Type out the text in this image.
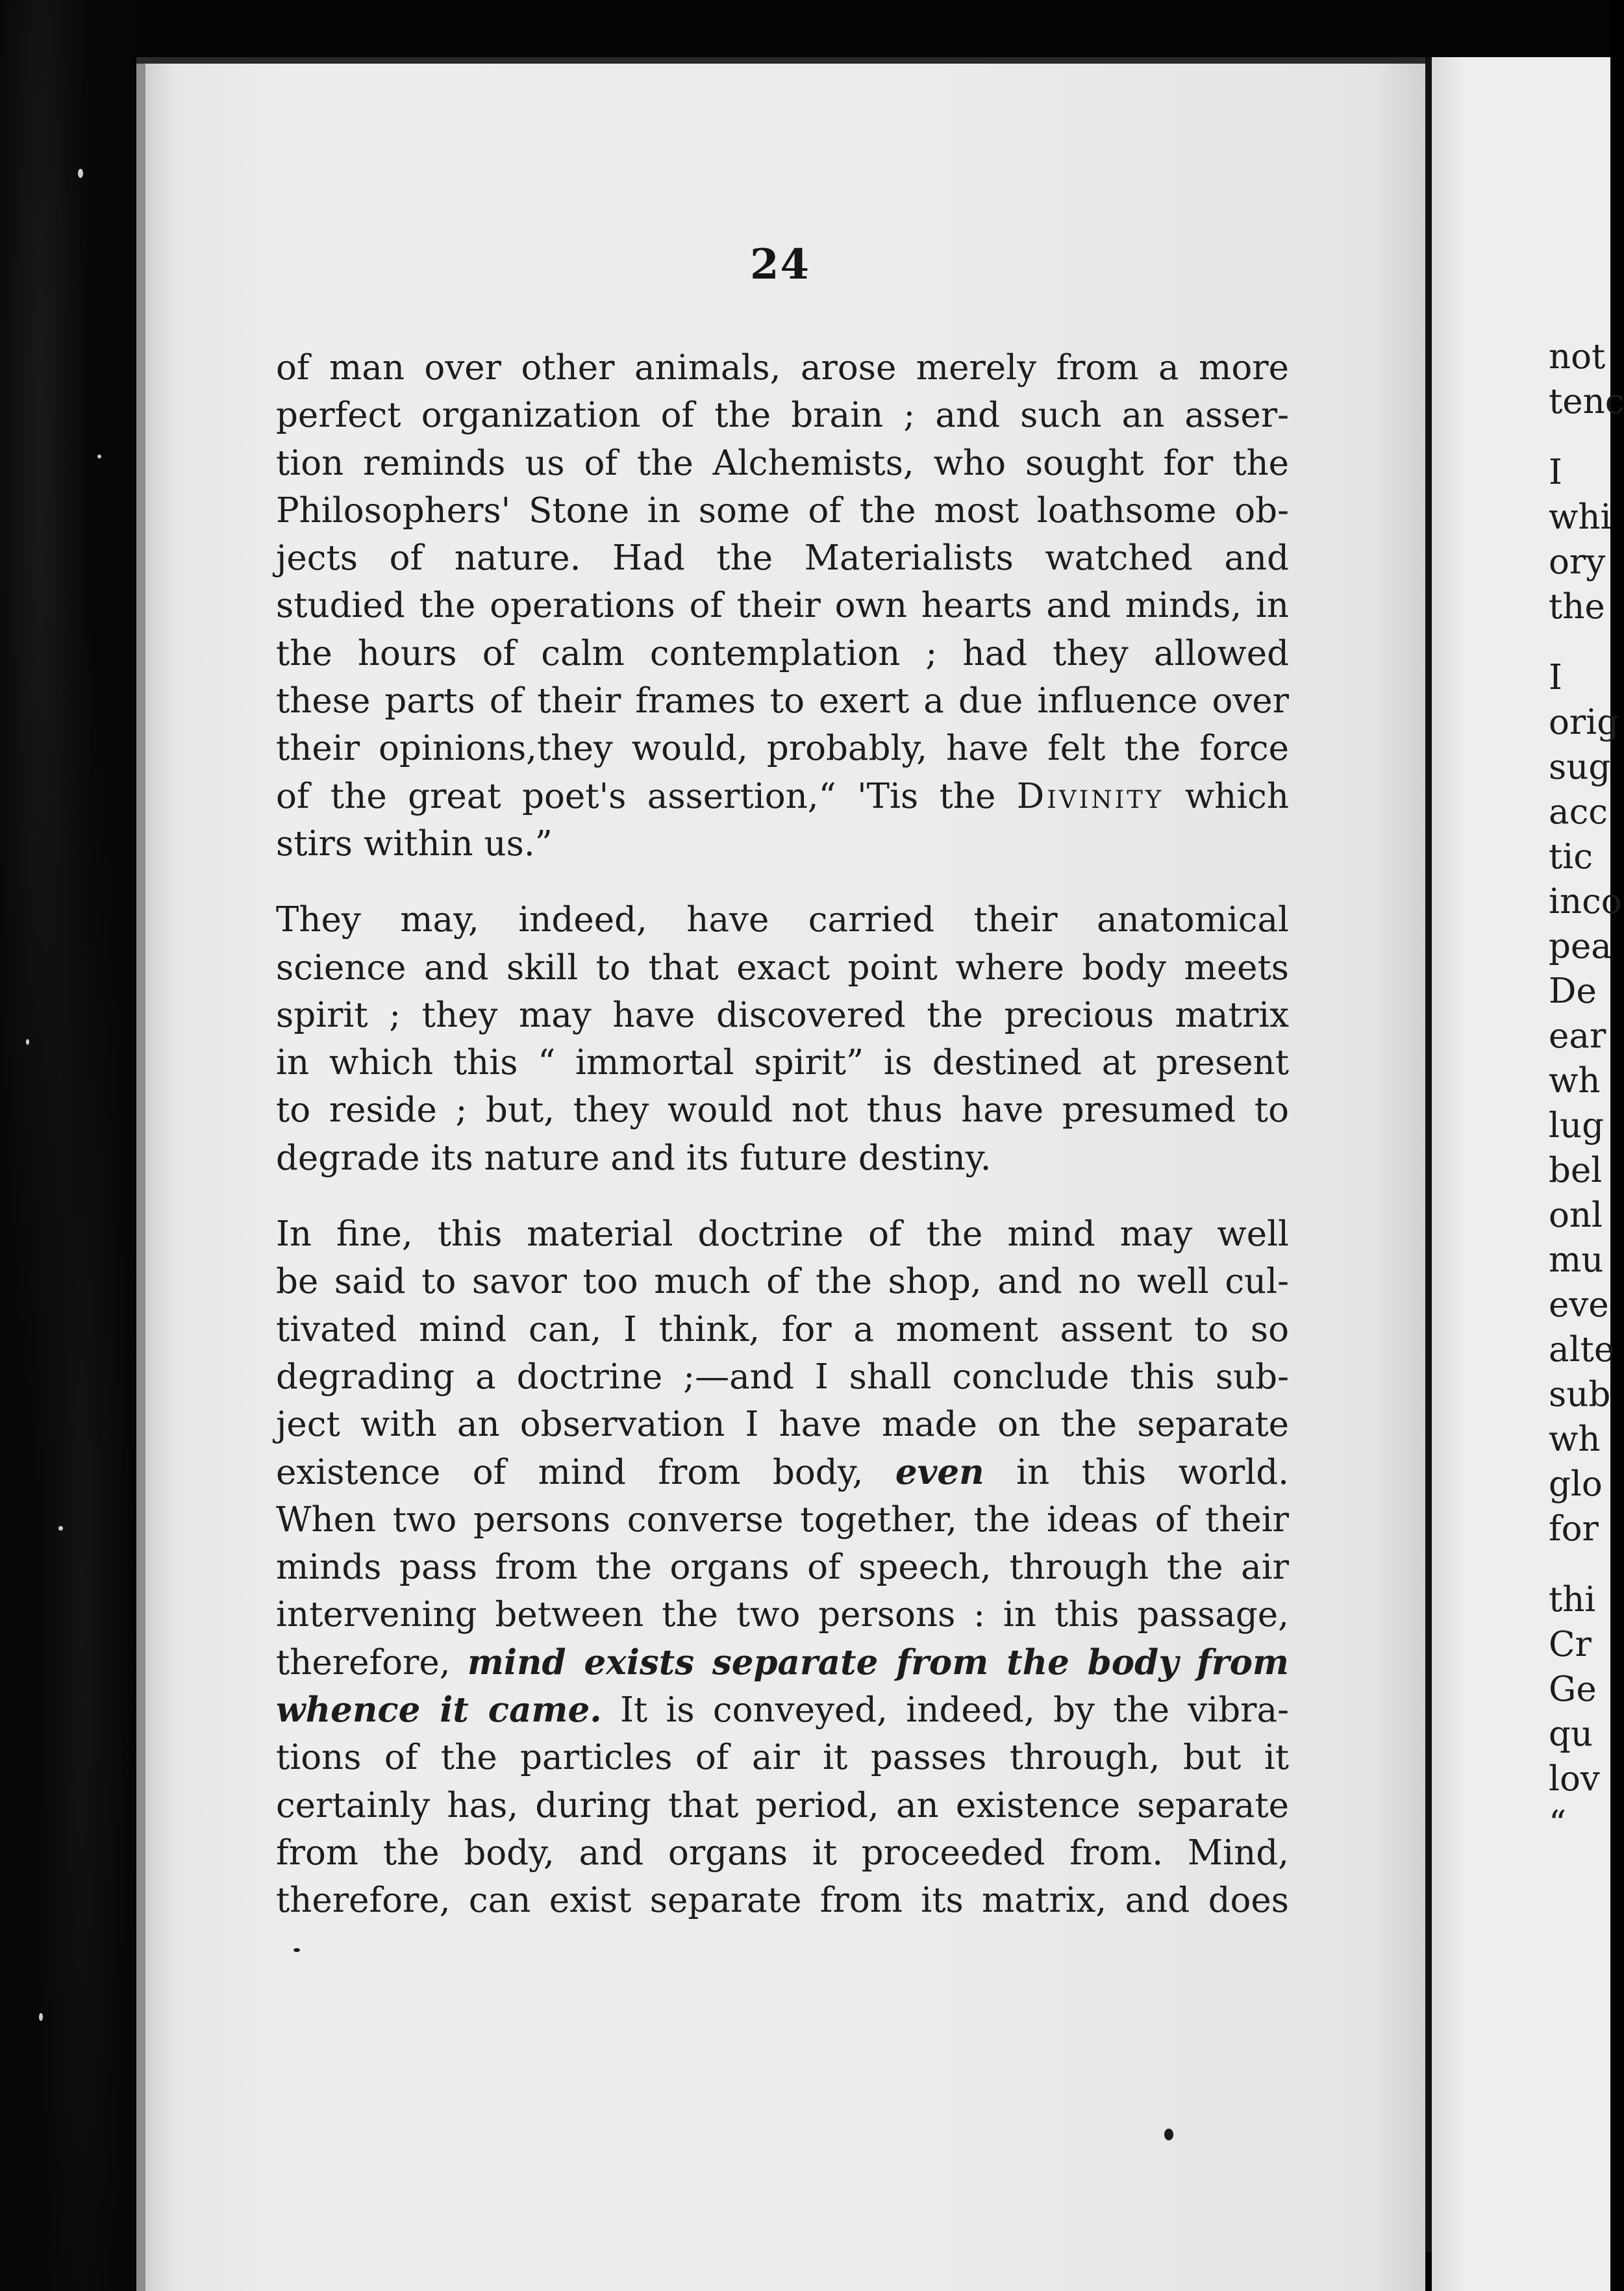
24
of man over other animals, arose merely from a more
perfect organization of the brain ; and such an asser-
tion reminds us of the Alchemists, who sought for the
Philosophers' Stone in some of the most loathsome ob-
jects of nature. Had the Materialists watched and
studied the operations of their own hearts and minds, in
the hours of calm contemplation ; had they allowed
these parts of their frames to exert a due influence over
their opinions,they would, probably, have felt the force
of the great poet's assertion,“ 'Tis the Divinity which
stirs within us.”
They may, indeed, have carried their anatomical
science and skill to that exact point where body meets
spirit ; they may have discovered the precious matrix
in which this “ immortal spirit” is destined at present
to reside ; but, they would not thus have presumed to
degrade its nature and its future destiny.
In fine, this material doctrine of the mind may well
be said to savor too much of the shop, and no well cul-
tivated mind can, I think, for a moment assent to so
degrading a doctrine ;—and I shall conclude this sub-
ject with an observation I have made on the separate
existence of mind from body, even in this world.
When two persons converse together, the ideas of their
minds pass from the organs of speech, through the air
intervening between the two persons : in this passage,
therefore, mind exists separate from the body from
whence it came. It is conveyed, indeed, by the vibra-
tions of the particles of air it passes through, but it
certainly has, during that period, an existence separate
from the body, and organs it proceeded from. Mind,
therefore, can exist separate from its matrix, and does
not
tenc
I
whi
ory
the
I
orig
sug
acc
tic
inco
pea
De
ear
wh
lug
bel
onl
mu
eve
alte
sub
wh
glo
for
thi
Cr
Ge
qu
lov
“
